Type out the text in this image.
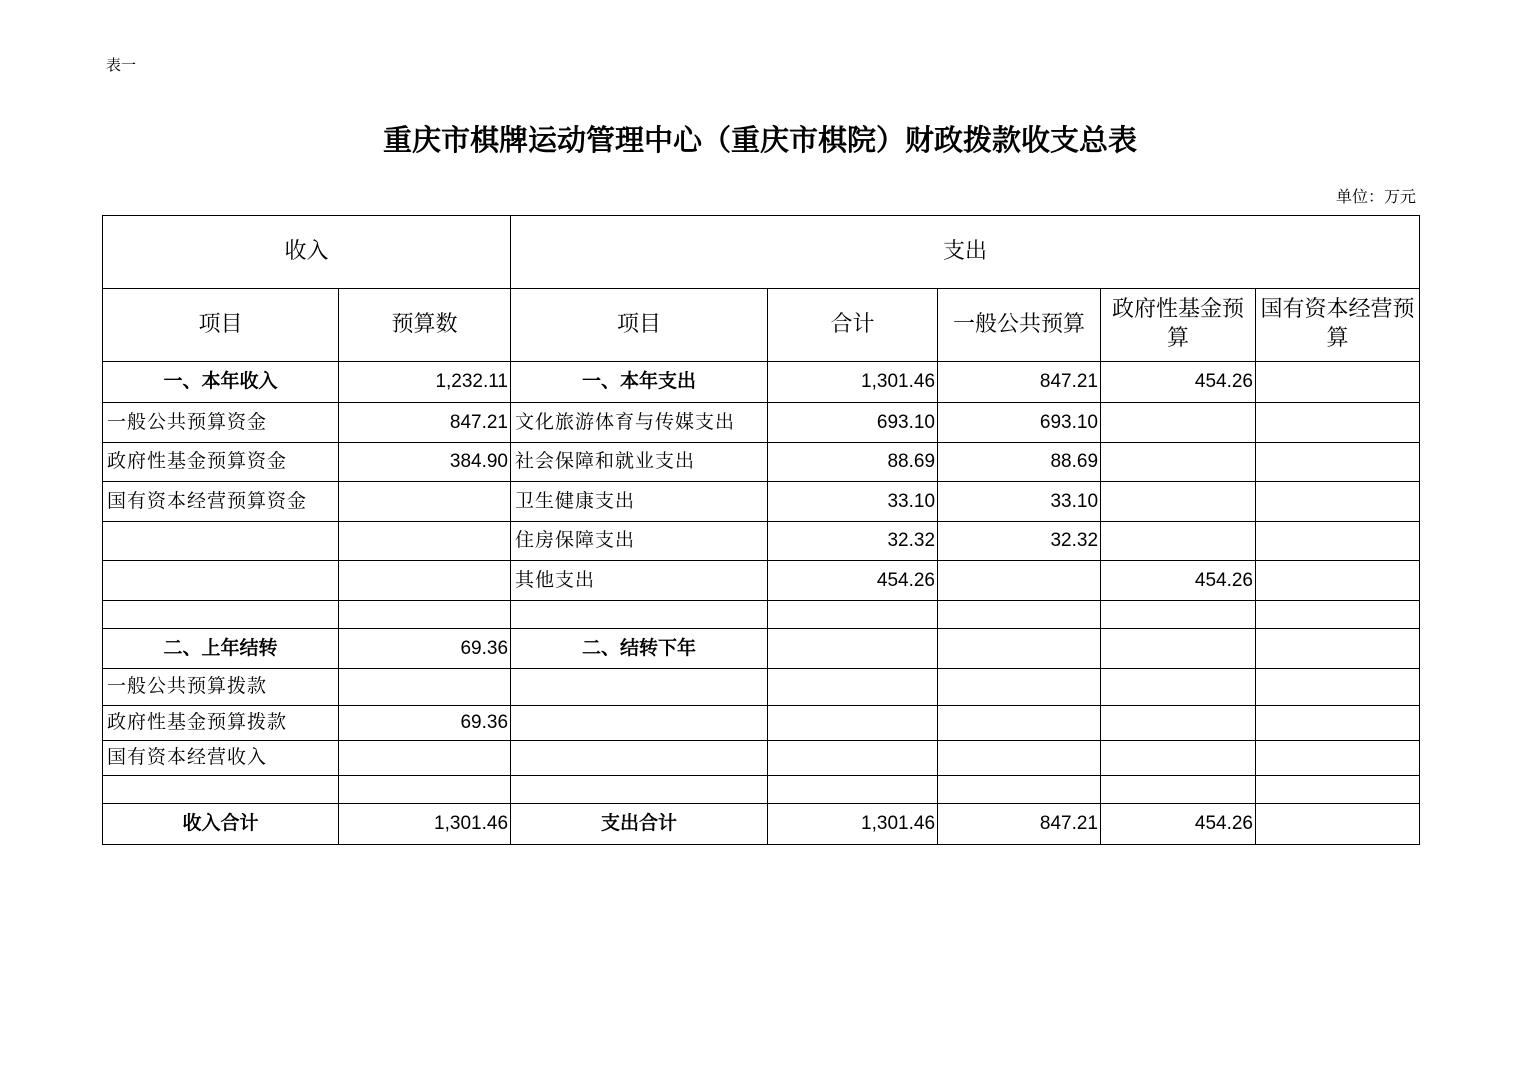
表一
重庆市棋牌运动管理中心（重庆市棋院）财政拨款收支总表
单位：万元
收入		支出				
项目	预算数	项目	合计	一般公共预算	政府性基金预算	国有资本经营预算
一、本年收入	1,232.11	一、本年支出	1,301.46	847.21	454.26	
一般公共预算资金	847.21	文化旅游体育与传媒支出	693.10	693.10		
政府性基金预算资金	384.90	社会保障和就业支出	88.69	88.69		
国有资本经营预算资金		卫生健康支出	33.10	33.10		
		住房保障支出	32.32	32.32		
		其他支出	454.26		454.26	

二、上年结转	69.36	二、结转下年				
一般公共预算拨款						
政府性基金预算拨款	69.36					
国有资本经营收入						

收入合计	1,301.46	支出合计	1,301.46	847.21	454.26	
